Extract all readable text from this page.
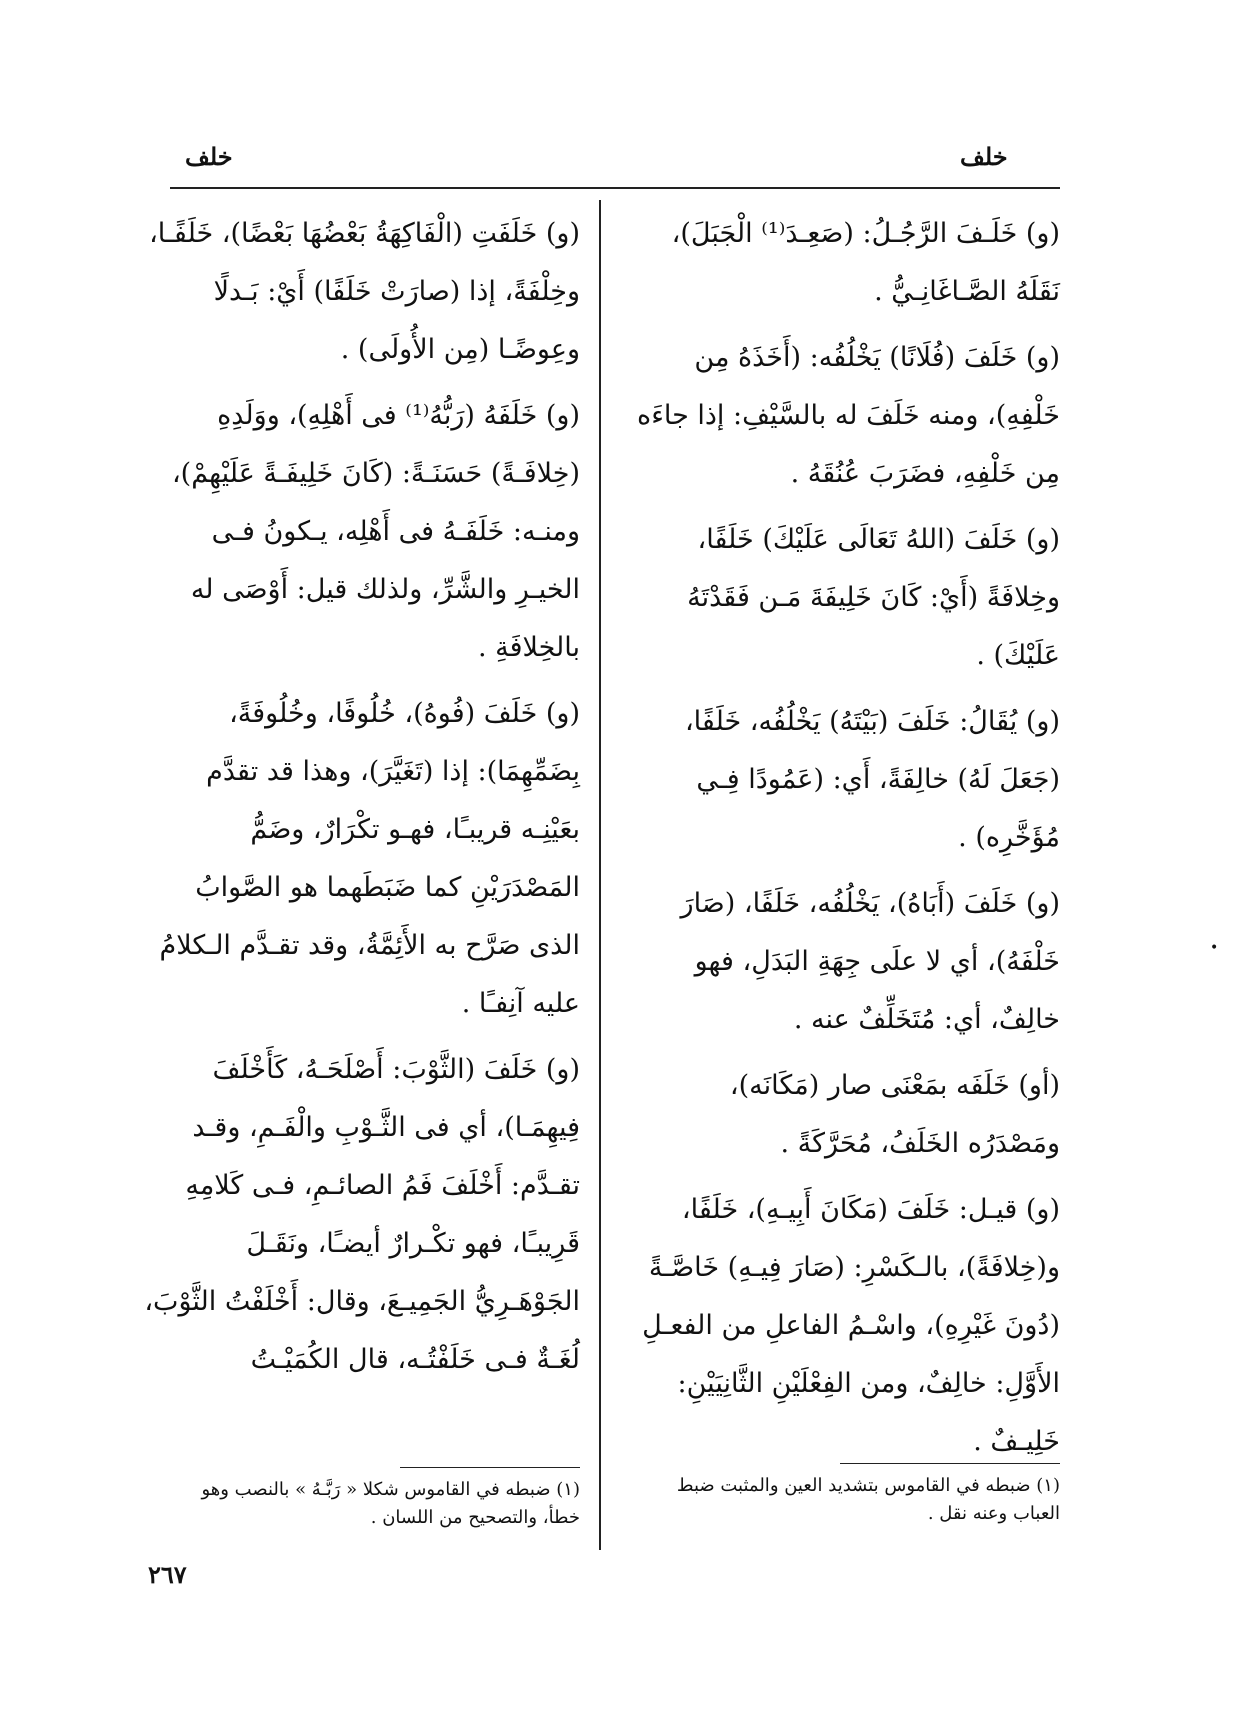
خلف
خلف

(و) خَلَـفَ الرَّجُـلُ: (صَعِـدَ⁽¹⁾ الْجَبَلَ)، نَقَلَهُ الصَّـاغَانِـيُّ .

(و) خَلَفَ (فُلَانًا) يَخْلُفُه: (أَخَذَهُ مِن خَلْفِهِ)، ومنه خَلَفَ له بالسَّيْفِ: إذا جاءَه مِن خَلْفِهِ، فضَرَبَ عُنُقَهُ .

(و) خَلَفَ (اللهُ تَعَالَى عَلَيْكَ) خَلَفًا، وخِلافَةً (أَيْ: كَانَ خَلِيفَةَ مَـن فَقَدْتَهُ عَلَيْكَ) .

(و) يُقَالُ: خَلَفَ (بَيْتَهُ) يَخْلُفُه، خَلَفًا، (جَعَلَ لَهُ) خالِفَةً، أَي: (عَمُودًا فِـي مُؤَخَّرِه) .

(و) خَلَفَ (أَبَاهُ)، يَخْلُفُه، خَلَفًا، (صَارَ خَلْفَهُ)، أي لا علَى جِهَةِ البَدَلِ، فهو خالِفٌ، أي: مُتَخَلِّفٌ عنه .

(أو) خَلَفَه بمَعْنَى صار (مَكَانَه)، ومَصْدَرُه الخَلَفُ، مُحَرَّكَةً .

(و) قيـل: خَلَفَ (مَكَانَ أَبِيـهِ)، خَلَفًا، و(خِلافَةً)، بالـكَسْرِ: (صَارَ فِيـهِ) خَاصَّـةً (دُونَ غَيْرِهِ)، واسْـمُ الفاعلِ من الفعـلِ الأَوَّلِ: خالِفٌ، ومن الفِعْلَيْنِ الثَّانِيَيْنِ: خَلِيـفٌ .

(و) خَلَفَتِ (الْفَاكِهَةُ بَعْضُهَا بَعْضًا)، خَلَفًـا، وخِلْفَةً، إذا (صارَتْ خَلَفًا) أَيْ: بَـدلًا وعِوضًـا (مِن الأُولَى) .

(و) خَلَفَهُ (رَبُّهُ⁽¹⁾ فى أَهْلِهِ)، ووَلَدِهِ (خِلافَـةً) حَسَنَـةً: (كَانَ خَلِيفَـةً عَلَيْهِمْ)، ومنـه: خَلَفَـهُ فى أَهْلِه، يـكونُ فـى الخيـرِ والشَّرِّ، ولذلك قيل: أَوْصَى له بالخِلافَةِ .

(و) خَلَفَ (فُوهُ)، خُلُوفًا، وخُلُوفَةً، بِضَمِّهِمَا): إذا (تَغَيَّرَ)، وهذا قد تقدَّم بعَيْنِـه قريبـًا، فهـو تكْرَارٌ، وضَمُّ المَصْدَرَيْنِ كما ضَبَطَهما هو الصَّوابُ الذى صَرَّح به الأَئِمَّةُ، وقد تقـدَّم الـكلامُ عليه آنِفـًا .

(و) خَلَفَ (الثَّوْبَ: أَصْلَحَـهُ، كَأَخْلَفَ فِيهِمَـا)، أي فى الثَّـوْبِ والْفَـمِ، وقـد تقـدَّم: أَخْلَفَ فَمُ الصائـمِ، فـى كَلامِهِ قَرِيبـًا، فهو تكْـرارٌ أيضـًا، ونَقَـلَ الجَوْهَـرِيُّ الجَمِيـعَ، وقال: أَخْلَفْتُ الثَّوْبَ، لُغَـةٌ فـى خَلَفْتُـه، قال الكُمَيْـتُ

(١) ضبطه في القاموس بتشديد العين والمثبت ضبط العباب وعنه نقل .
(١) ضبطه في القاموس شكلا « رَبَّـهُ » بالنصب وهو خطأ، والتصحيح من اللسان .
٢٦٧
•
